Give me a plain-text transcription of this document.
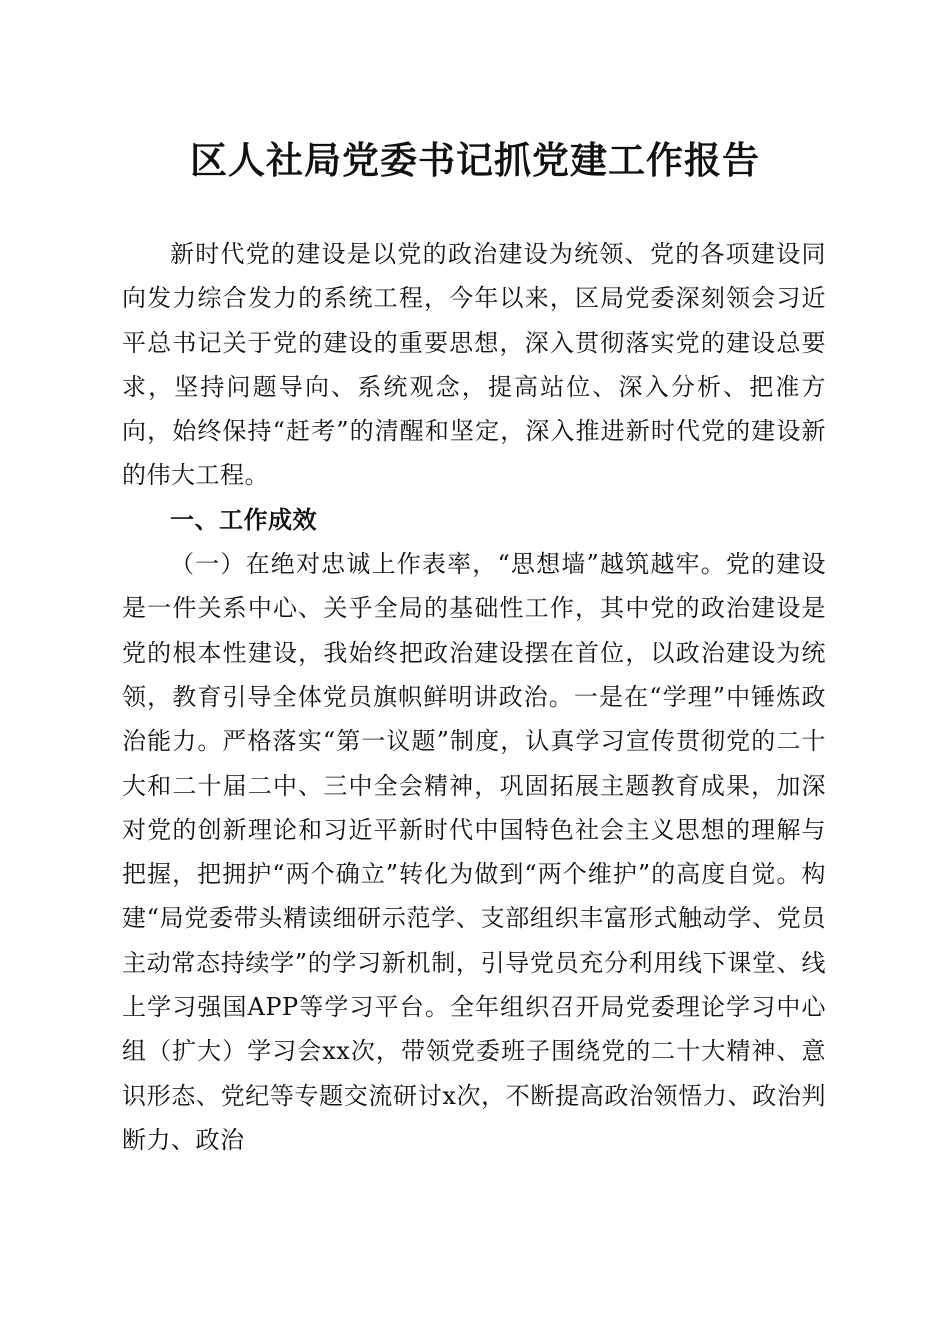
区人社局党委书记抓党建工作报告

新时代党的建设是以党的政治建设为统领、党的各项建设同向发力综合发力的系统工程，今年以来，区局党委深刻领会习近平总书记关于党的建设的重要思想，深入贯彻落实党的建设总要求，坚持问题导向、系统观念，提高站位、深入分析、把准方向，始终保持“赶考”的清醒和坚定，深入推进新时代党的建设新的伟大工程。

一、工作成效

（一）在绝对忠诚上作表率，“思想墙”越筑越牢。党的建设是一件关系中心、关乎全局的基础性工作，其中党的政治建设是党的根本性建设，我始终把政治建设摆在首位，以政治建设为统领，教育引导全体党员旗帜鲜明讲政治。一是在“学理”中锤炼政治能力。严格落实“第一议题”制度，认真学习宣传贯彻党的二十大和二十届二中、三中全会精神，巩固拓展主题教育成果，加深对党的创新理论和习近平新时代中国特色社会主义思想的理解与把握，把拥护“两个确立”转化为做到“两个维护”的高度自觉。构建“局党委带头精读细研示范学、支部组织丰富形式触动学、党员主动常态持续学”的学习新机制，引导党员充分利用线下课堂、线上学习强国APP等学习平台。全年组织召开局党委理论学习中心组（扩大）学习会xx次，带领党委班子围绕党的二十大精神、意识形态、党纪等专题交流研讨x次，不断提高政治领悟力、政治判断力、政治
